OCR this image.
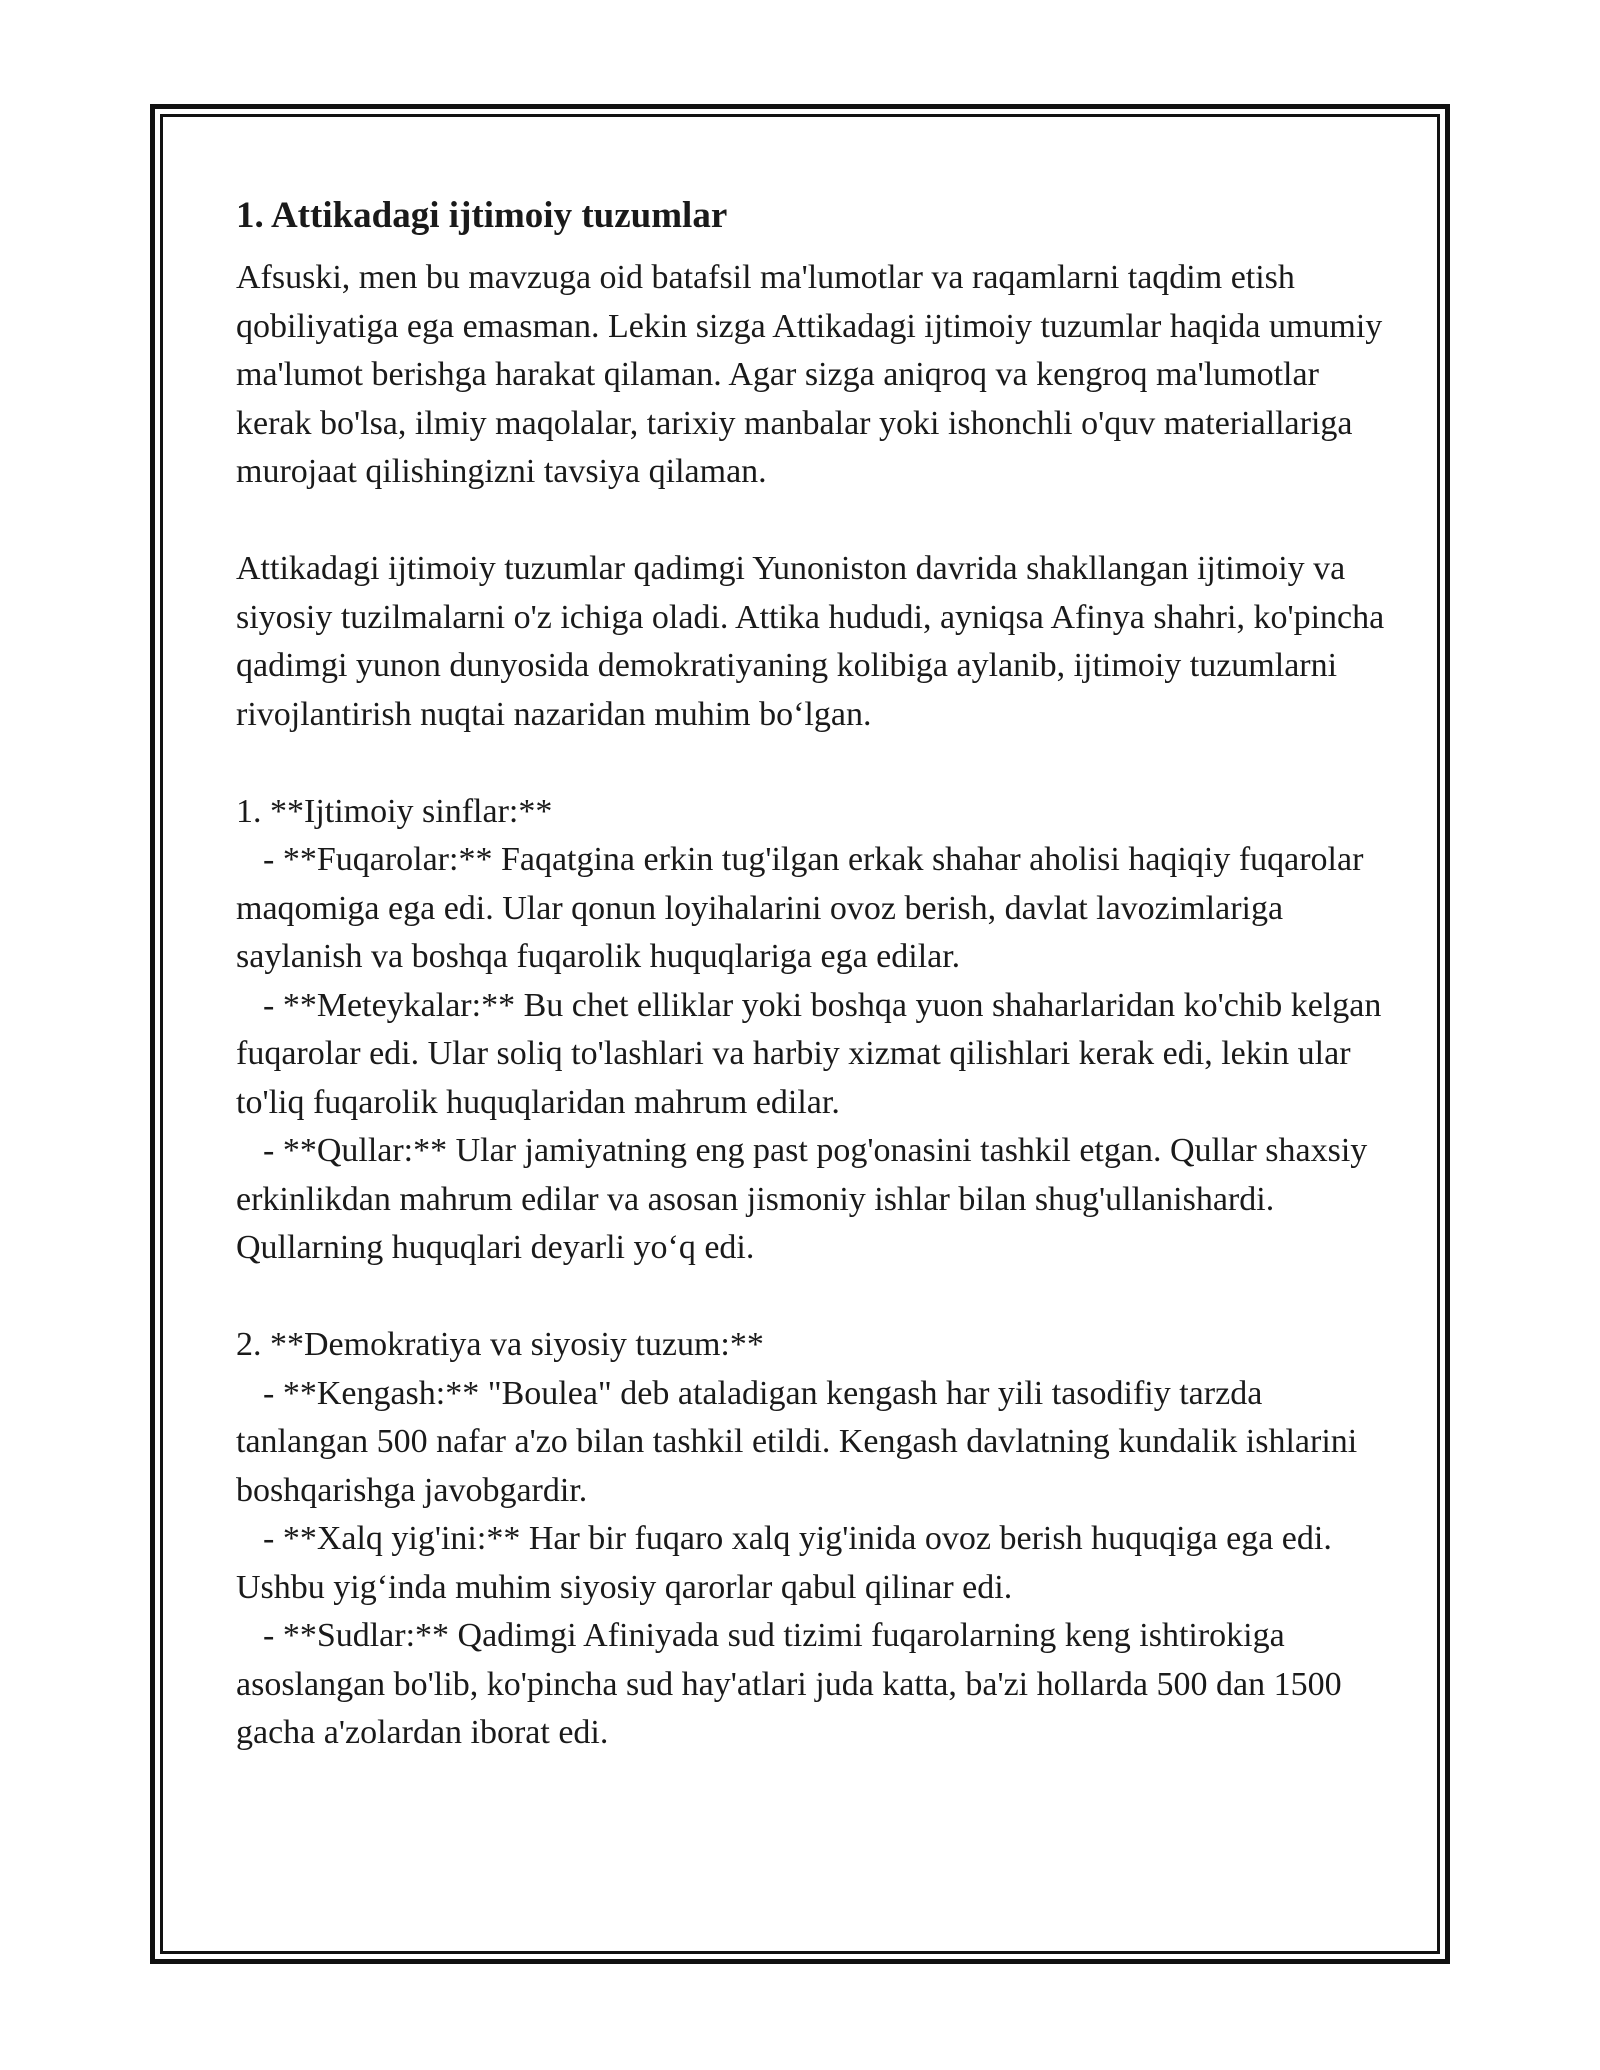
1. Attikadagi ijtimoiy tuzumlar

Afsuski, men bu mavzuga oid batafsil ma'lumotlar va raqamlarni taqdim etish qobiliyatiga ega emasman. Lekin sizga Attikadagi ijtimoiy tuzumlar haqida umumiy ma'lumot berishga harakat qilaman. Agar sizga aniqroq va kengroq ma'lumotlar kerak bo'lsa, ilmiy maqolalar, tarixiy manbalar yoki ishonchli o'quv materiallariga murojaat qilishingizni tavsiya qilaman.

Attikadagi ijtimoiy tuzumlar qadimgi Yunoniston davrida shakllangan ijtimoiy va siyosiy tuzilmalarni o'z ichiga oladi. Attika hududi, ayniqsa Afinya shahri, ko'pincha qadimgi yunon dunyosida demokratiyaning kolibiga aylanib, ijtimoiy tuzumlarni rivojlantirish nuqtai nazaridan muhim bo‘lgan.

1. **Ijtimoiy sinflar:**

- **Fuqarolar:** Faqatgina erkin tug'ilgan erkak shahar aholisi haqiqiy fuqarolar maqomiga ega edi. Ular qonun loyihalarini ovoz berish, davlat lavozimlariga saylanish va boshqa fuqarolik huquqlariga ega edilar.

- **Meteykalar:** Bu chet elliklar yoki boshqa yuon shaharlaridan ko'chib kelgan fuqarolar edi. Ular soliq to'lashlari va harbiy xizmat qilishlari kerak edi, lekin ular to'liq fuqarolik huquqlaridan mahrum edilar.

- **Qullar:** Ular jamiyatning eng past pog'onasini tashkil etgan. Qullar shaxsiy erkinlikdan mahrum edilar va asosan jismoniy ishlar bilan shug'ullanishardi. Qullarning huquqlari deyarli yo‘q edi.

2. **Demokratiya va siyosiy tuzum:**

- **Kengash:** "Boulea" deb ataladigan kengash har yili tasodifiy tarzda tanlangan 500 nafar a'zo bilan tashkil etildi. Kengash davlatning kundalik ishlarini boshqarishga javobgardir.

- **Xalq yig'ini:** Har bir fuqaro xalq yig'inida ovoz berish huquqiga ega edi. Ushbu yig‘inda muhim siyosiy qarorlar qabul qilinar edi.

- **Sudlar:** Qadimgi Afiniyada sud tizimi fuqarolarning keng ishtirokiga asoslangan bo'lib, ko'pincha sud hay'atlari juda katta, ba'zi hollarda 500 dan 1500 gacha a'zolardan iborat edi.
